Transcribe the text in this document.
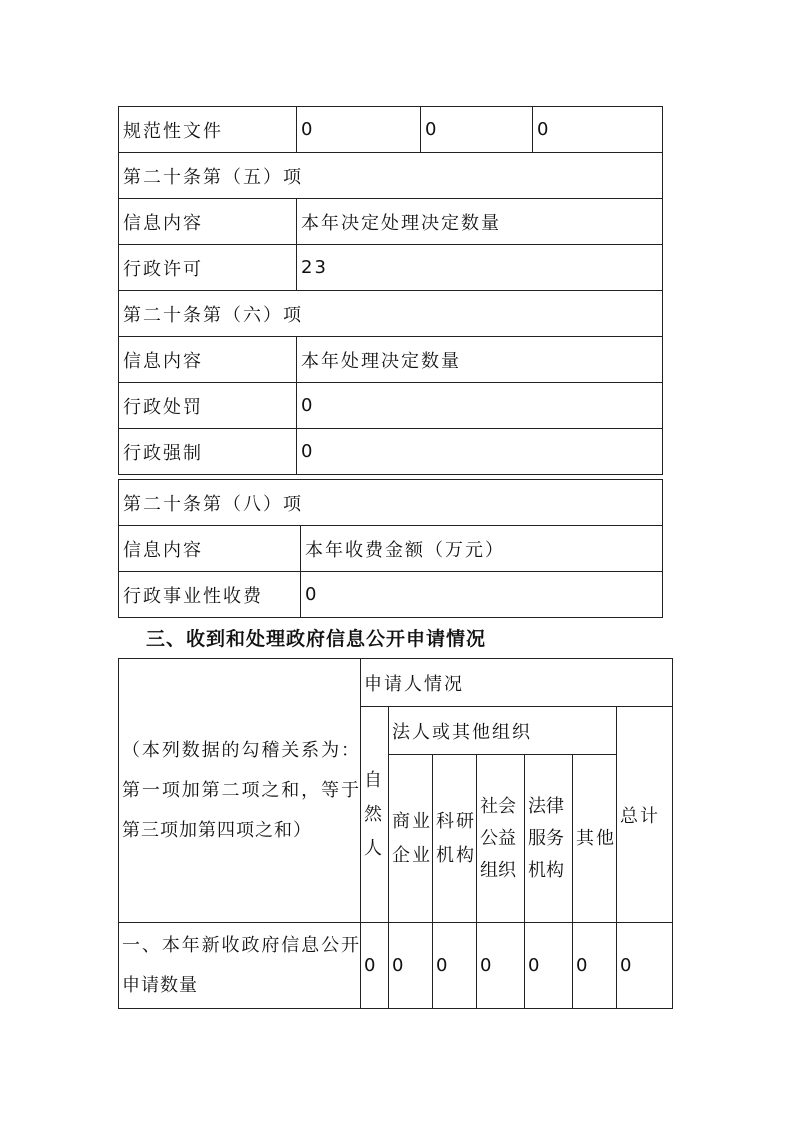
规范性文件	0	0	0
第二十条第（五）项			
信息内容	本年决定处理决定数量		
行政许可	23		
第二十条第（六）项			
信息内容	本年处理决定数量		
行政处罚	0		
行政强制	0		
第二十条第（八）项	
信息内容	本年收费金额（万元）
行政事业性收费	0
三、收到和处理政府信息公开申请情况
（本列数据的勾稽关系为：第一项加第二项之和，等于第三项加第四项之和）	申请人情况						
	自然人	法人或其他组织					总计
		商业企业	科研机构	社会公益组织	法律服务机构	其他	

一、本年新收政府信息公开申请数量	0	0	0	0	0	0	0
